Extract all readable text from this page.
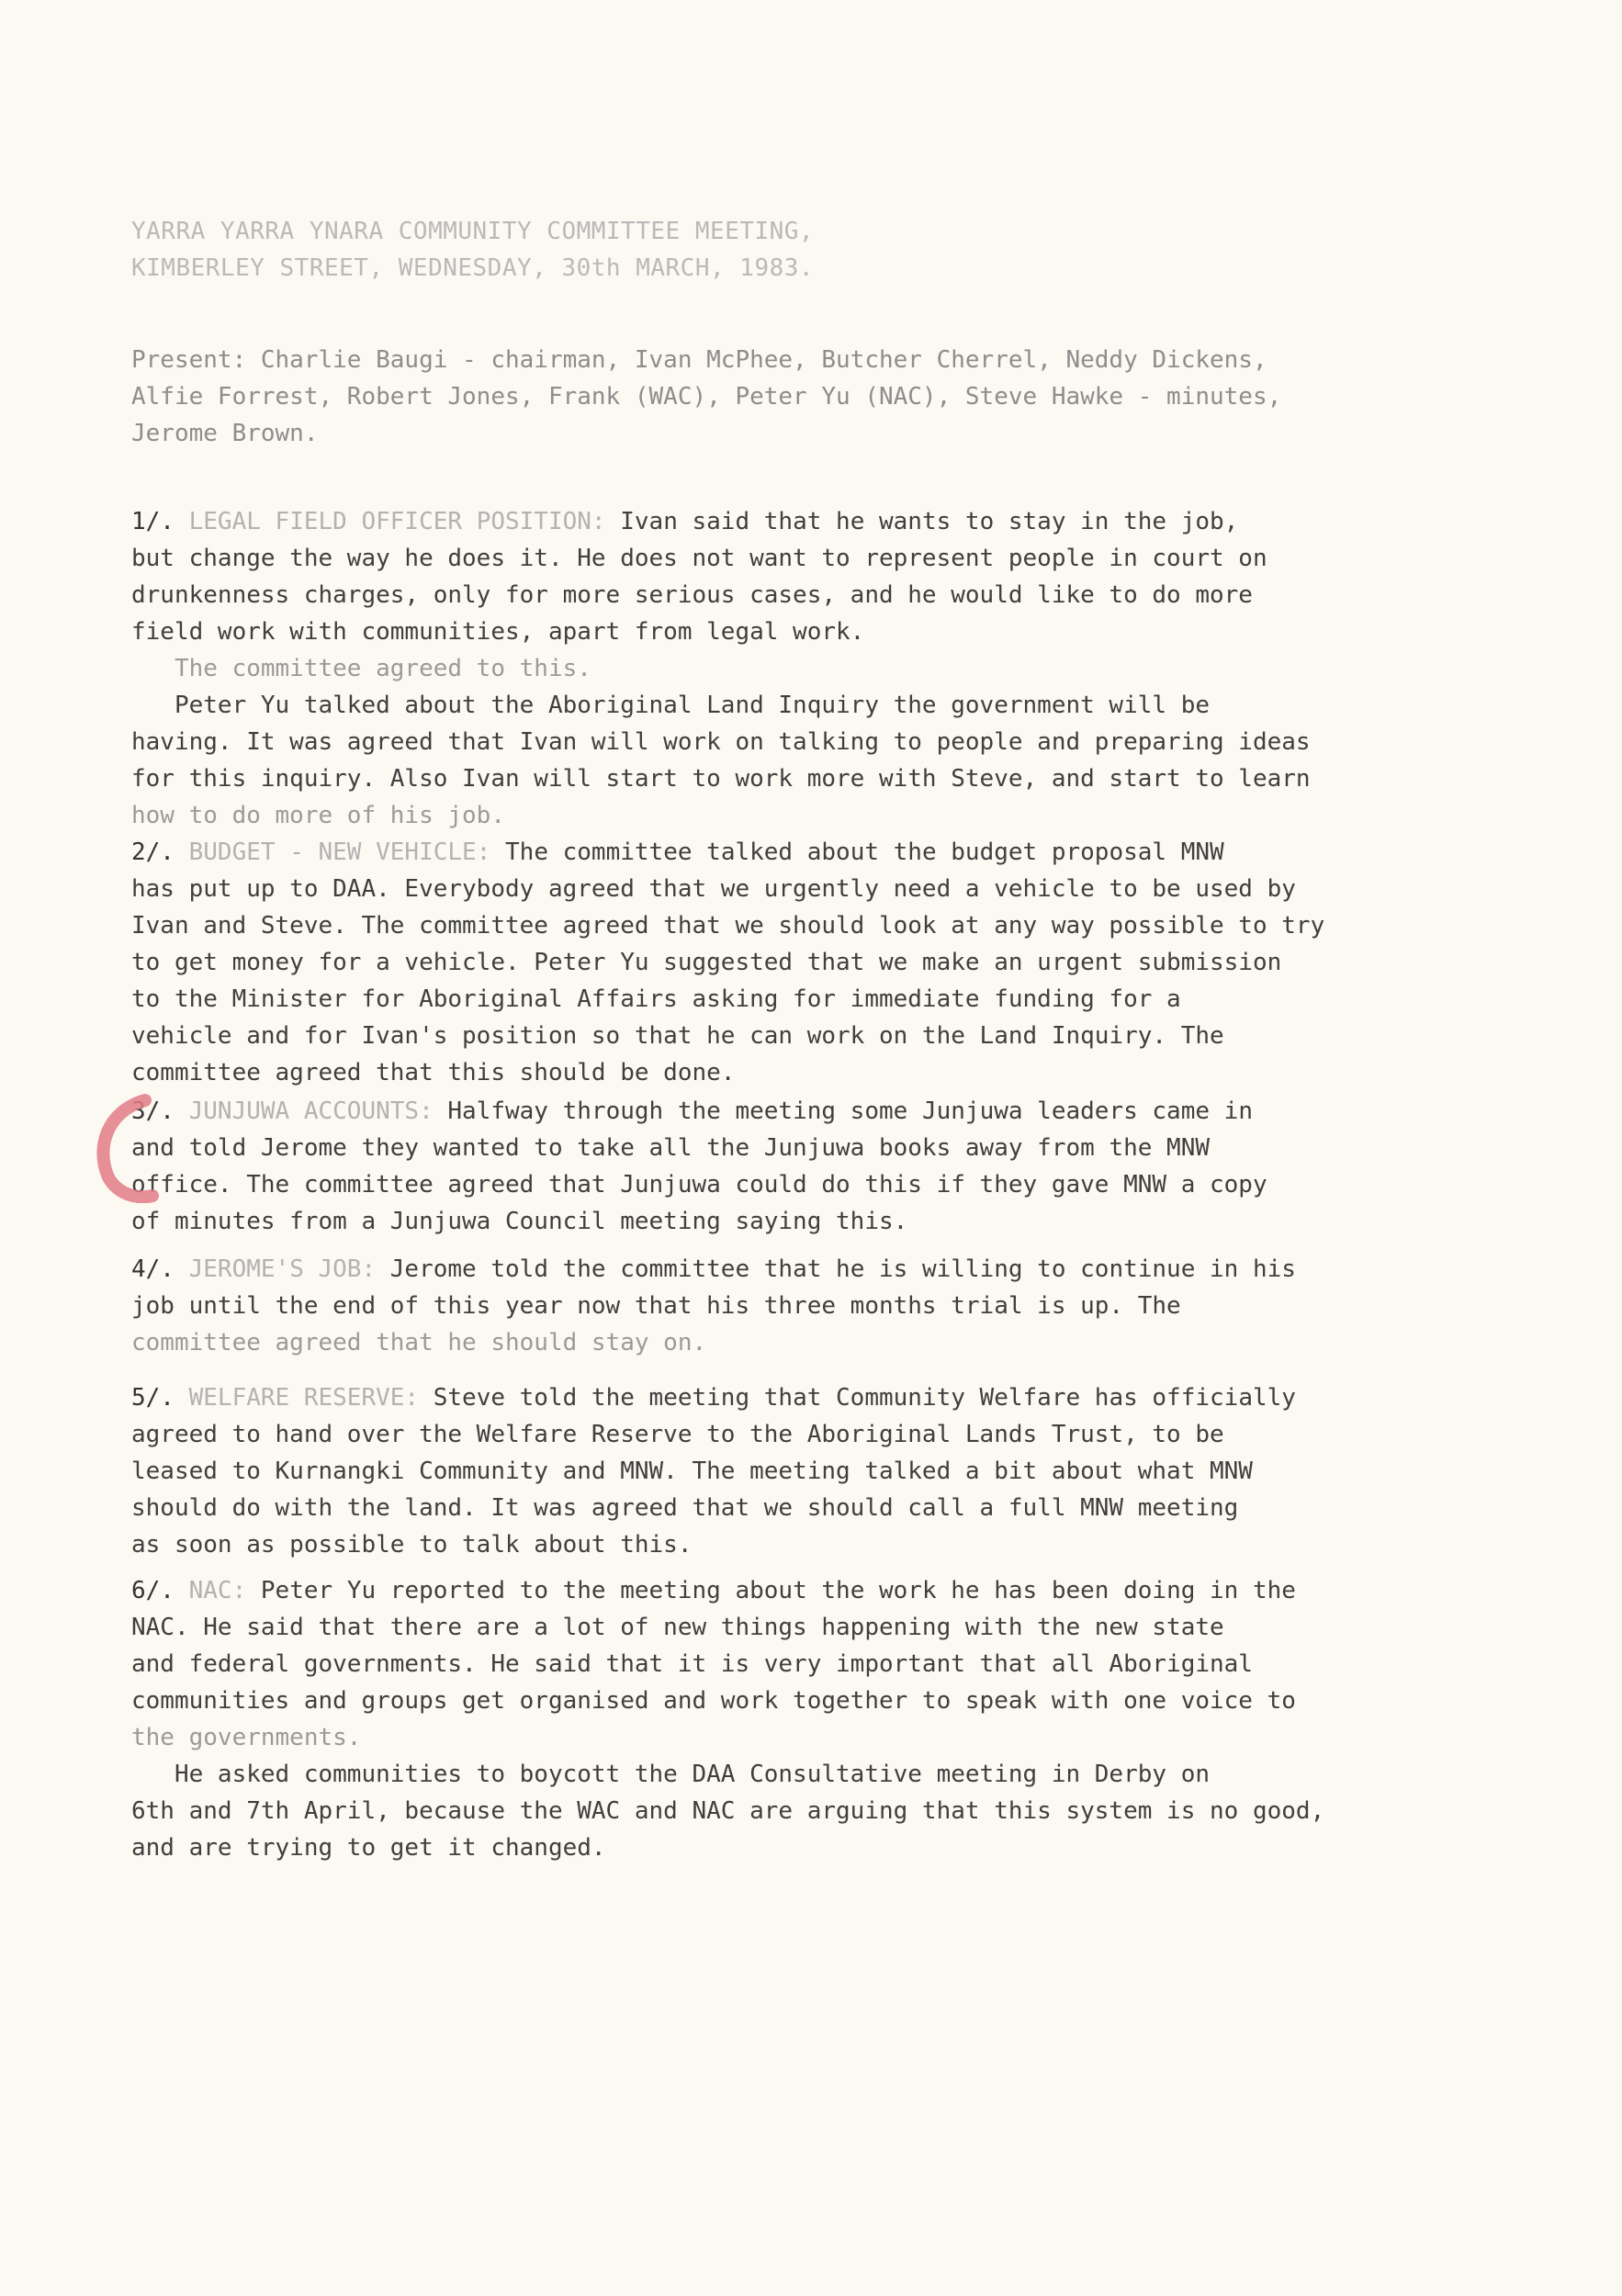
YARRA YARRA YNARA COMMUNITY COMMITTEE MEETING,
KIMBERLEY STREET, WEDNESDAY, 30th MARCH, 1983.
Present: Charlie Baugi - chairman, Ivan McPhee, Butcher Cherrel, Neddy Dickens,
Alfie Forrest, Robert Jones, Frank (WAC), Peter Yu (NAC), Steve Hawke - minutes,
Jerome Brown.
1/. LEGAL FIELD OFFICER POSITION: Ivan said that he wants to stay in the job,
but change the way he does it. He does not want to represent people in court on
drunkenness charges, only for more serious cases, and he would like to do more
field work with communities, apart from legal work.
The committee agreed to this.
Peter Yu talked about the Aboriginal Land Inquiry the government will be
having. It was agreed that Ivan will work on talking to people and preparing ideas
for this inquiry. Also Ivan will start to work more with Steve, and start to learn
how to do more of his job.
2/. BUDGET - NEW VEHICLE: The committee talked about the budget proposal MNW
has put up to DAA. Everybody agreed that we urgently need a vehicle to be used by
Ivan and Steve. The committee agreed that we should look at any way possible to try
to get money for a vehicle. Peter Yu suggested that we make an urgent submission
to the Minister for Aboriginal Affairs asking for immediate funding for a
vehicle and for Ivan's position so that he can work on the Land Inquiry. The
committee agreed that this should be done.
3/. JUNJUWA ACCOUNTS: Halfway through the meeting some Junjuwa leaders came in
and told Jerome they wanted to take all the Junjuwa books away from the MNW
office. The committee agreed that Junjuwa could do this if they gave MNW a copy
of minutes from a Junjuwa Council meeting saying this.
4/. JEROME'S JOB: Jerome told the committee that he is willing to continue in his
job until the end of this year now that his three months trial is up. The
committee agreed that he should stay on.
5/. WELFARE RESERVE: Steve told the meeting that Community Welfare has officially
agreed to hand over the Welfare Reserve to the Aboriginal Lands Trust, to be
leased to Kurnangki Community and MNW. The meeting talked a bit about what MNW
should do with the land. It was agreed that we should call a full MNW meeting
as soon as possible to talk about this.
6/. NAC: Peter Yu reported to the meeting about the work he has been doing in the
NAC. He said that there are a lot of new things happening with the new state
and federal governments. He said that it is very important that all Aboriginal
communities and groups get organised and work together to speak with one voice to
the governments.
He asked communities to boycott the DAA Consultative meeting in Derby on
6th and 7th April, because the WAC and NAC are arguing that this system is no good,
and are trying to get it changed.
